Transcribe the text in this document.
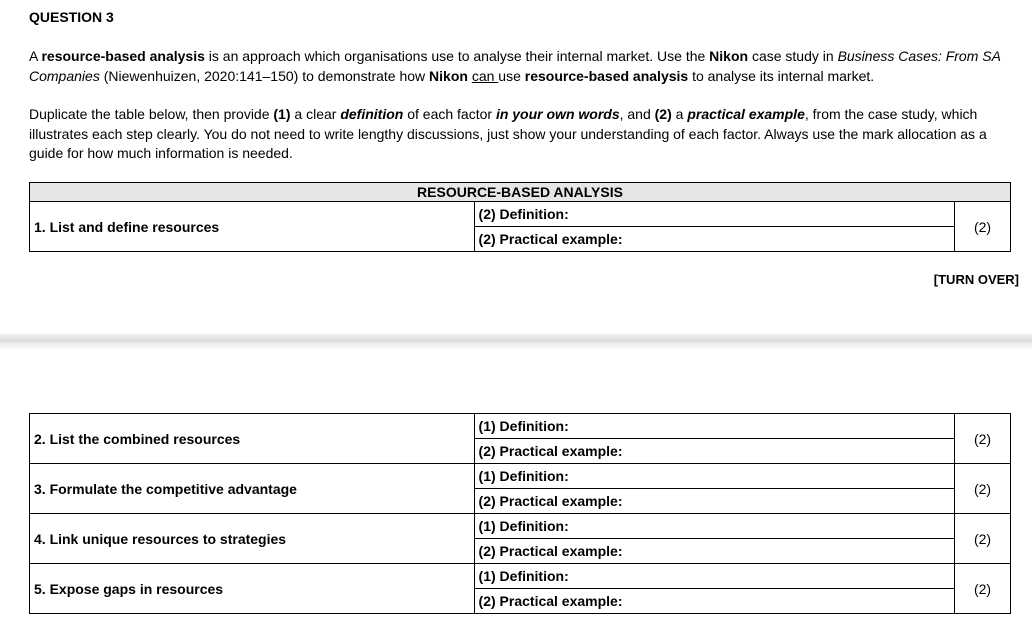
QUESTION 3
A resource-based analysis is an approach which organisations use to analyse their internal market. Use the Nikon case study in Business Cases: From SA Companies (Niewenhuizen, 2020:141–150) to demonstrate how Nikon can use resource-based analysis to analyse its internal market.
Duplicate the table below, then provide (1) a clear definition of each factor in your own words, and (2) a practical example, from the case study, which illustrates each step clearly. You do not need to write lengthy discussions, just show your understanding of each factor. Always use the mark allocation as a guide for how much information is needed.
RESOURCE-BASED ANALYSIS
1. List and define resources	(2) Definition:	(2)
(2) Practical example:
[TURN OVER]
2. List the combined resources	(1) Definition:	(2)
	(2) Practical example:	
3. Formulate the competitive advantage	(1) Definition:	(2)
	(2) Practical example:	
4. Link unique resources to strategies	(1) Definition:	(2)
	(2) Practical example:	
5. Expose gaps in resources	(1) Definition:	(2)
	(2) Practical example:	
